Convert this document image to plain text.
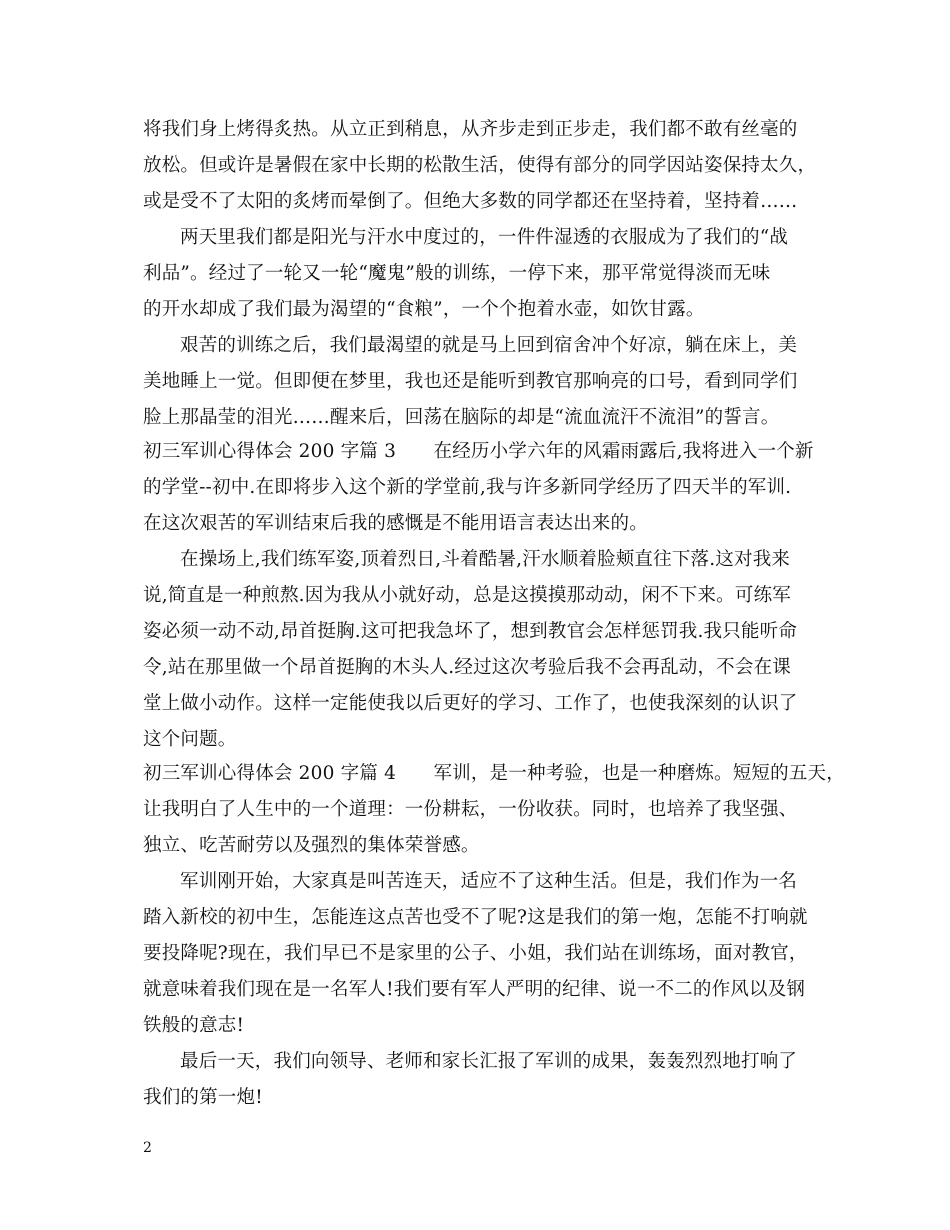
将我们身上烤得炙热。从立正到稍息，从齐步走到正步走，我们都不敢有丝毫的
放松。但或许是暑假在家中长期的松散生活，使得有部分的同学因站姿保持太久，
或是受不了太阳的炙烤而晕倒了。但绝大多数的同学都还在坚持着，坚持着……
两天里我们都是阳光与汗水中度过的，一件件湿透的衣服成为了我们的“战
利品”。经过了一轮又一轮“魔鬼”般的训练，一停下来，那平常觉得淡而无味
的开水却成了我们最为渴望的“食粮”，一个个抱着水壶，如饮甘露。
艰苦的训练之后，我们最渴望的就是马上回到宿舍冲个好凉，躺在床上，美
美地睡上一觉。但即便在梦里，我也还是能听到教官那响亮的口号，看到同学们
脸上那晶莹的泪光……醒来后，回荡在脑际的却是“流血流汗不流泪”的誓言。
初三军训心得体会 200 字篇 3　　在经历小学六年的风霜雨露后,我将进入一个新
的学堂--初中.在即将步入这个新的学堂前,我与许多新同学经历了四天半的军训.
在这次艰苦的军训结束后我的感慨是不能用语言表达出来的。
在操场上,我们练军姿,顶着烈日,斗着酷暑,汗水顺着脸颊直往下落.这对我来
说,简直是一种煎熬.因为我从小就好动，总是这摸摸那动动，闲不下来。可练军
姿必须一动不动,昂首挺胸.这可把我急坏了，想到教官会怎样惩罚我.我只能听命
令,站在那里做一个昂首挺胸的木头人.经过这次考验后我不会再乱动，不会在课
堂上做小动作。这样一定能使我以后更好的学习、工作了，也使我深刻的认识了
这个问题。
初三军训心得体会 200 字篇 4　　军训，是一种考验，也是一种磨炼。短短的五天，
让我明白了人生中的一个道理：一份耕耘，一份收获。同时，也培养了我坚强、
独立、吃苦耐劳以及强烈的集体荣誉感。
军训刚开始，大家真是叫苦连天，适应不了这种生活。但是，我们作为一名
踏入新校的初中生，怎能连这点苦也受不了呢?这是我们的第一炮，怎能不打响就
要投降呢?现在，我们早已不是家里的公子、小姐，我们站在训练场，面对教官，
就意味着我们现在是一名军人!我们要有军人严明的纪律、说一不二的作风以及钢
铁般的意志!
最后一天，我们向领导、老师和家长汇报了军训的成果，轰轰烈烈地打响了
我们的第一炮!
2
